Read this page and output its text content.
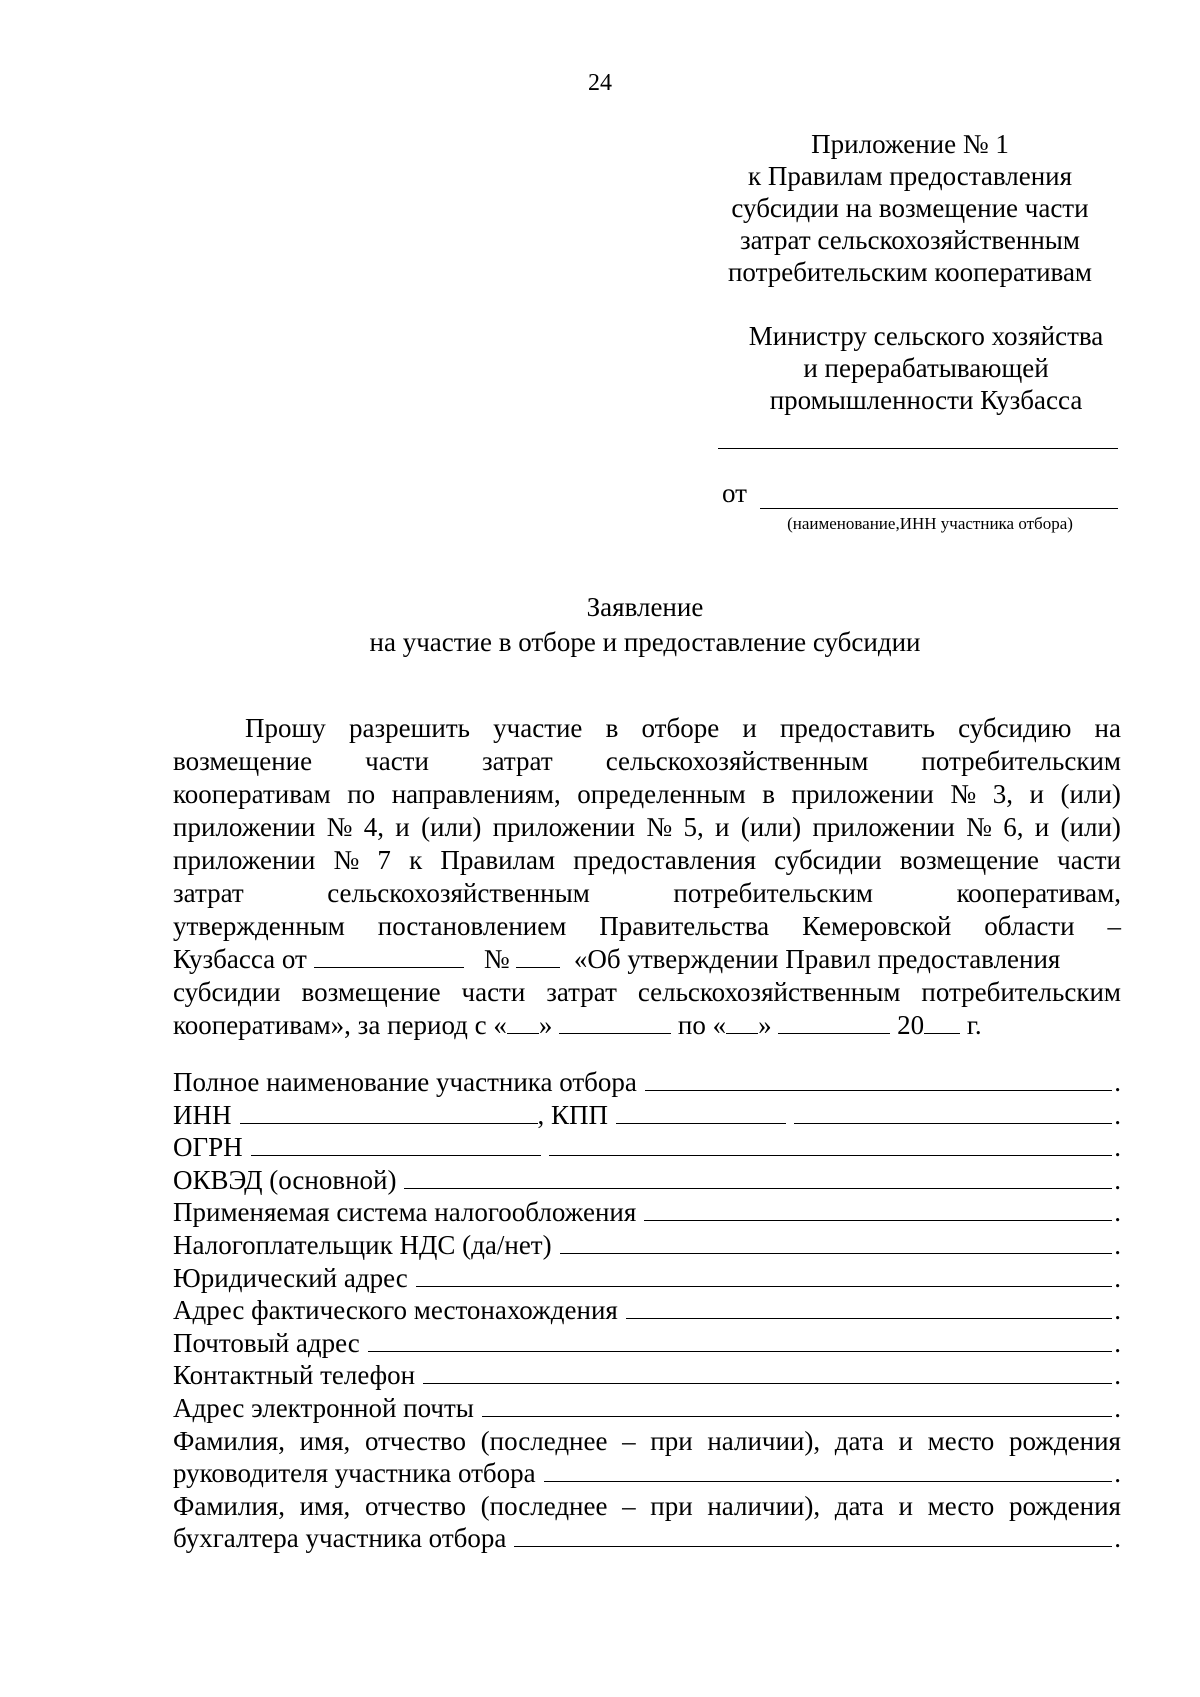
24
Приложение № 1
к Правилам предоставления
субсидии на возмещение части
затрат сельскохозяйственным
потребительским кооперативам
Министру сельского хозяйства
и перерабатывающей
промышленности Кузбасса
от
(наименование,ИНН участника отбора)
Заявление
на участие в отборе и предоставление субсидии
Прошу разрешить участие в отборе и предоставить субсидию на
возмещение части затрат сельскохозяйственным потребительским
кооперативам по направлениям, определенным в приложении № 3, и (или)
приложении № 4, и (или) приложении № 5, и (или) приложении № 6, и (или)
приложении № 7 к Правилам предоставления субсидии возмещение части
затрат	сельскохозяйственным	потребительским	кооперативам,
утвержденным постановлением Правительства Кемеровской области –
Кузбасса от

	№

«Об утверждении Правил предоставления
субсидии возмещение части затрат сельскохозяйственным потребительским
кооперативам», за период с « »

	по « »

	20
г.
Полное наименование участника отбора	.
ИНН	, КПП	.
ОГРН	.
ОКВЭД (основной)	.
Применяемая система налогообложения	.
Налогоплательщик НДС (да/нет)	.
Юридический адрес	.
Адрес фактического местонахождения	.
Почтовый адрес	.
Контактный телефон	.
Адрес электронной почты	.
Фамилия, имя, отчество (последнее – при наличии), дата и место рождения
руководителя участника отбора	.
Фамилия, имя, отчество (последнее – при наличии), дата и место рождения
бухгалтера участника отбора	.
